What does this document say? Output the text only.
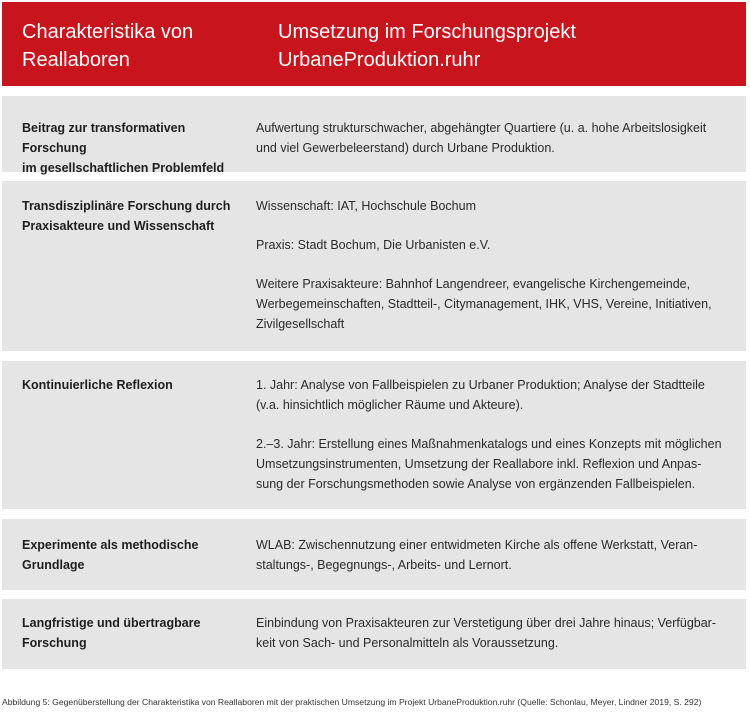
Charakteristika von
Reallaboren
Umsetzung im Forschungsprojekt
UrbaneProduktion.ruhr
Beitrag zur transformativen Forschung
im gesellschaftlichen Problemfeld

Aufwertung strukturschwacher, abgehängter Quartiere (u. a. hohe Arbeitslosigkeit
und viel Gewerbeleerstand) durch Urbane Produktion.

Transdisziplinäre Forschung durch
Praxisakteure und Wissenschaft

Wissenschaft: IAT, Hochschule Bochum

Praxis: Stadt Bochum, Die Urbanisten e.V.

Weitere Praxisakteure: Bahnhof Langendreer, evangelische Kirchengemeinde,
Werbegemeinschaften, Stadtteil-, Citymanagement, IHK, VHS, Vereine, Initiativen,
Zivilgesellschaft

Kontinuierliche Reflexion	1. Jahr: Analyse von Fallbeispielen zu Urbaner Produktion; Analyse der Stadtteile
(v.a. hinsichtlich möglicher Räume und Akteure).

2.–3. Jahr: Erstellung eines Maßnahmenkatalogs und eines Konzepts mit möglichen
Umsetzungsinstrumenten, Umsetzung der Reallabore inkl. Reflexion und Anpas-
sung der Forschungsmethoden sowie Analyse von ergänzenden Fallbeispielen.

Experimente als methodische
Grundlage

WLAB: Zwischennutzung einer entwidmeten Kirche als offene Werkstatt, Veran-
staltungs-, Begegnungs-, Arbeits- und Lernort.

Langfristige und übertragbare
Forschung

Einbindung von Praxisakteuren zur Verstetigung über drei Jahre hinaus; Verfügbar-
keit von Sach- und Personalmitteln als Voraussetzung.

Abbildung 5: Gegenüberstellung der Charakteristika von Reallaboren mit der praktischen Umsetzung im Projekt UrbaneProduktion.ruhr (Quelle: Schonlau, Meyer, Lindner 2019, S. 292)
